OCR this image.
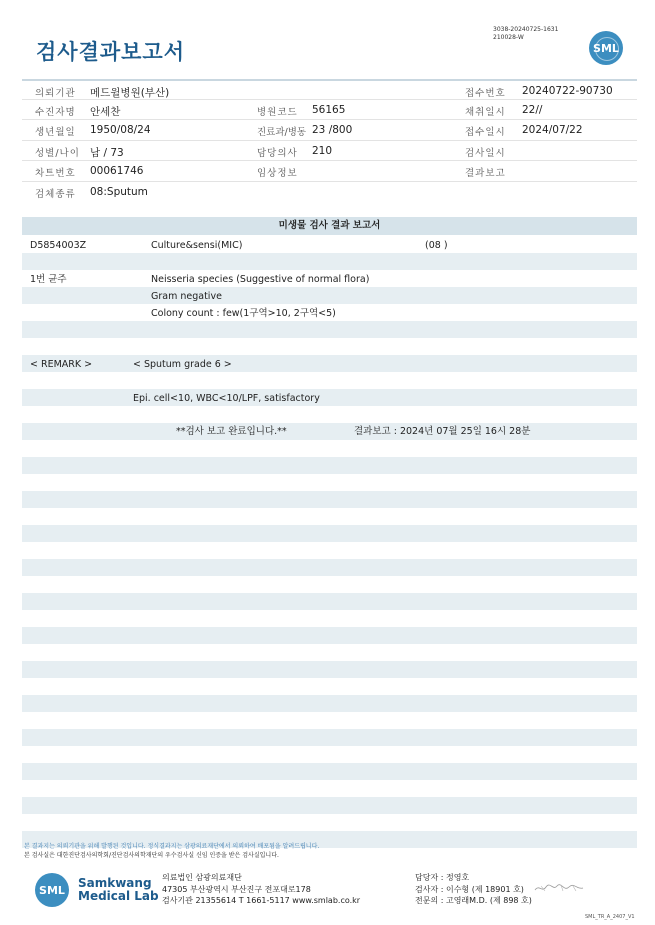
검사결과보고서
3038-20240725-1631
210028-W
SML
의뢰기관 메드윌병원(부산)	접수번호 20240722-90730
수진자명 안세찬	병원코드 56165	채취일시 22//
생년월일 1950/08/24	진료과/병동 23 /800	접수일시 2024/07/22
성별/나이 남 / 73	담당의사 210	검사일시
차트번호 00061746	임상정보	결과보고
검체종류 08:Sputum
미생물 검사 결과 보고서
D5854003Z	Culture&sensi(MIC)	(08 )
1번 균주	Neisseria species (Suggestive of normal flora)
Gram negative
Colony count : few(1구역>10, 2구역<5)
< REMARK >	< Sputum grade 6 >
Epi. cell<10, WBC<10/LPF, satisfactory
**검사 보고 완료입니다.**	결과보고 : 2024년 07월 25일 16시 28분
본 결과지는 의뢰기관을 위해 발행된 것입니다. 정식결과지는 삼광의료재단에서 의뢰하여 배포됨을 알려드립니다.
본 검사실은 대한진단검사의학회/진단검사의학재단의 우수검사실 신임 인증을 받은 검사실입니다.
SML	Samkwang
Medical Lab
의료법인 삼광의료재단
47305 부산광역시 부산진구 전포대로178
검사기관 21355614 T 1661-5117 www.smlab.co.kr
담당자 : 정영호
검사자 : 이수형 (제 18901 호)
전문의 : 고영래M.D. (제 898 호)
SML_TR_A_2407_V1
